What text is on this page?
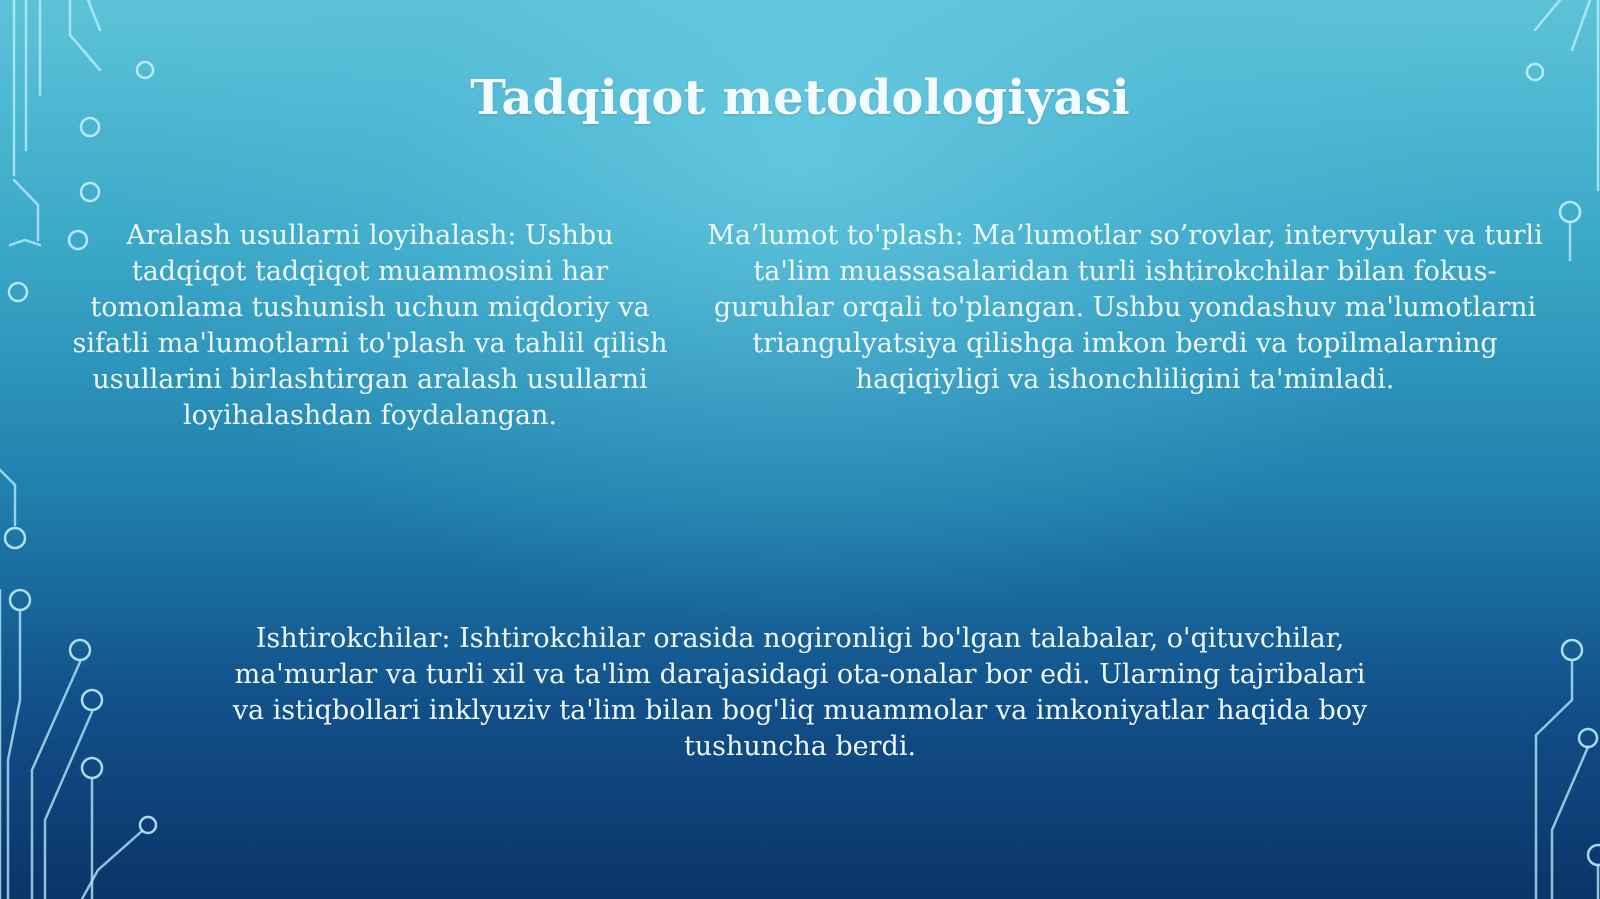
Tadqiqot metodologiyasi

Aralash usullarni loyihalash: Ushbu tadqiqot tadqiqot muammosini har tomonlama tushunish uchun miqdoriy va sifatli ma'lumotlarni to'plash va tahlil qilish usullarini birlashtirgan aralash usullarni loyihalashdan foydalangan.

Ma’lumot to'plash: Ma’lumotlar so’rovlar, intervyular va turli ta'lim muassasalaridan turli ishtirokchilar bilan fokus-guruhlar orqali to'plangan. Ushbu yondashuv ma'lumotlarni triangulyatsiya qilishga imkon berdi va topilmalarning haqiqiyligi va ishonchliligini ta'minladi.

Ishtirokchilar: Ishtirokchilar orasida nogironligi bo'lgan talabalar, o'qituvchilar, ma'murlar va turli xil va ta'lim darajasidagi ota-onalar bor edi. Ularning tajribalari va istiqbollari inklyuziv ta'lim bilan bog'liq muammolar va imkoniyatlar haqida boy tushuncha berdi.
